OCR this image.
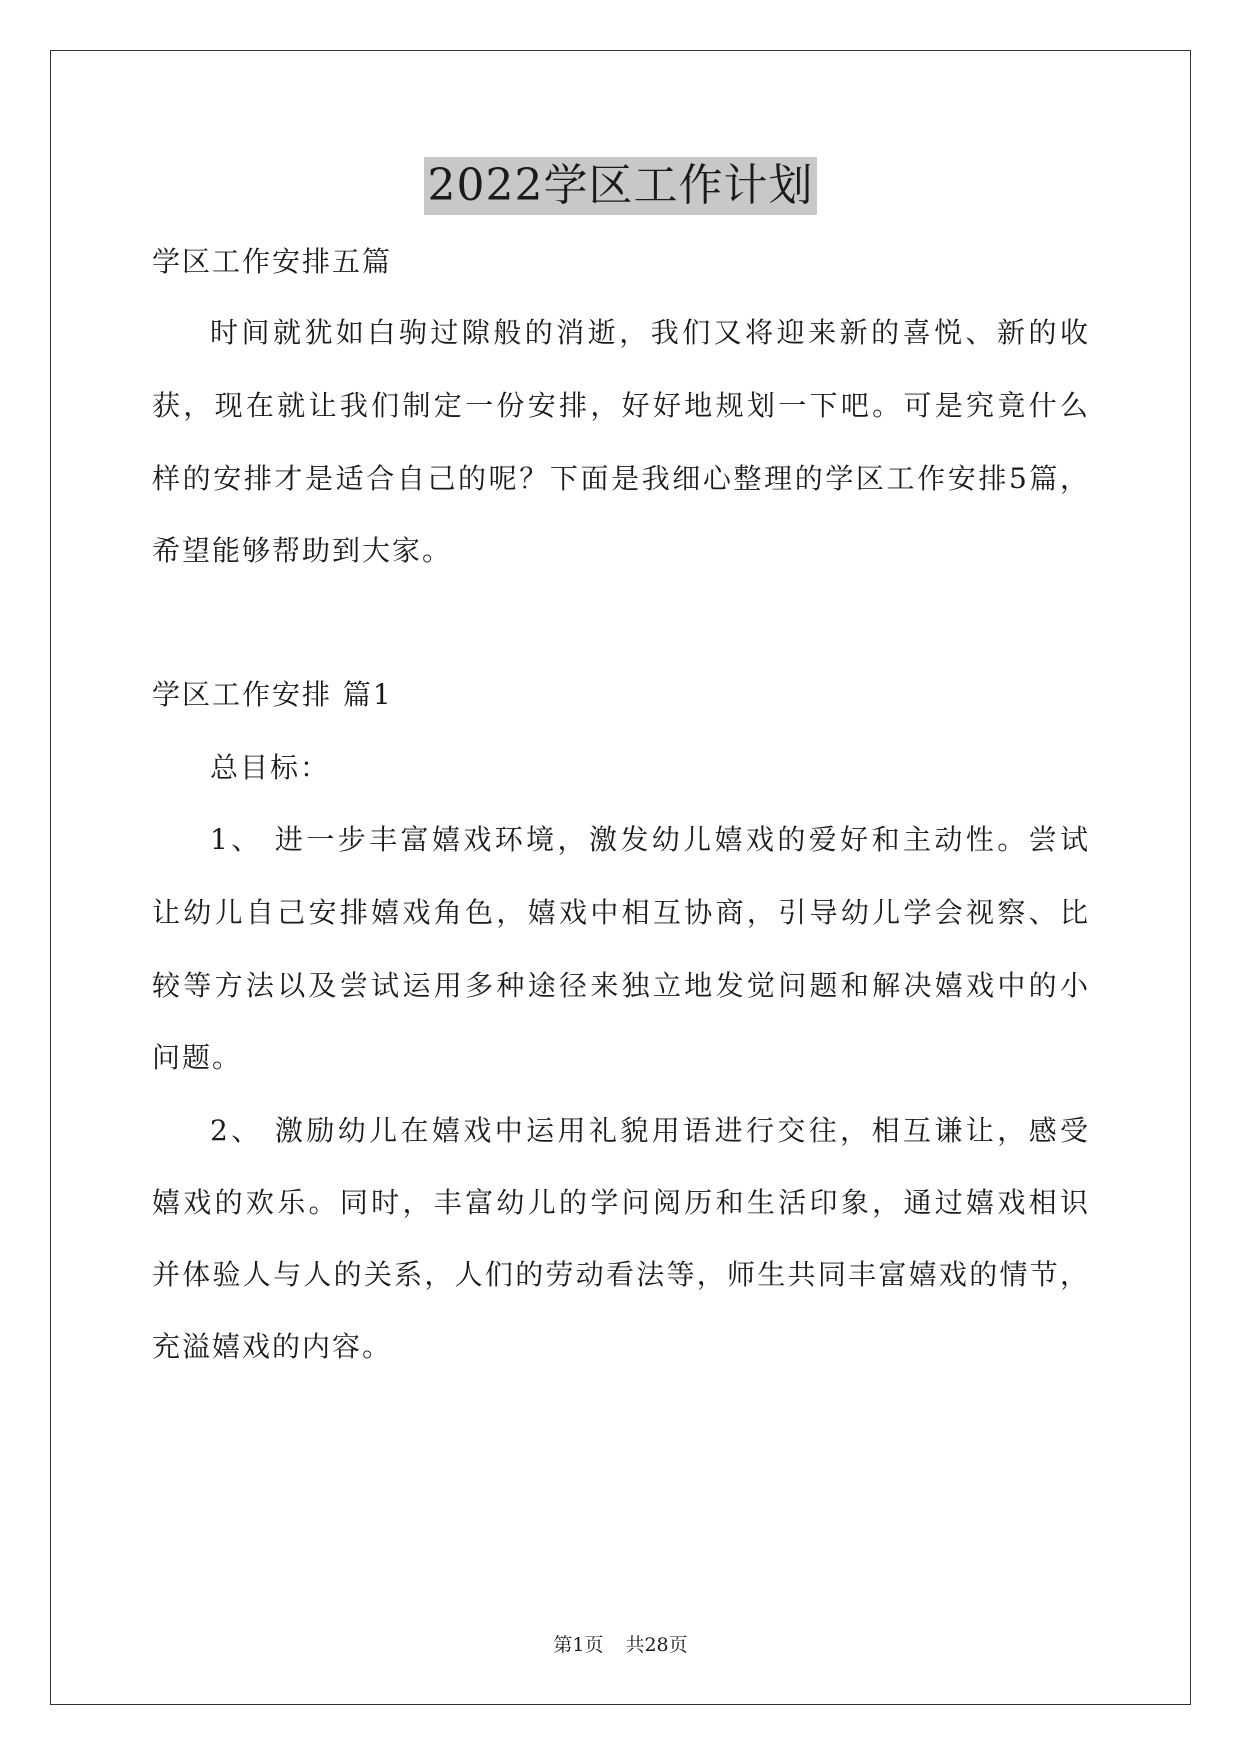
2022学区工作计划
学区工作安排五篇
时间就犹如白驹过隙般的消逝，我们又将迎来新的喜悦、新的收
获，现在就让我们制定一份安排，好好地规划一下吧。可是究竟什么
样的安排才是适合自己的呢？下面是我细心整理的学区工作安排5篇，
希望能够帮助到大家。
学区工作安排 篇1
总目标：
1、 进一步丰富嬉戏环境，激发幼儿嬉戏的爱好和主动性。尝试
让幼儿自己安排嬉戏角色，嬉戏中相互协商，引导幼儿学会视察、比
较等方法以及尝试运用多种途径来独立地发觉问题和解决嬉戏中的小
问题。
2、 激励幼儿在嬉戏中运用礼貌用语进行交往，相互谦让，感受
嬉戏的欢乐。同时，丰富幼儿的学问阅历和生活印象，通过嬉戏相识
并体验人与人的关系，人们的劳动看法等，师生共同丰富嬉戏的情节，
充溢嬉戏的内容。
第1页 共28页
